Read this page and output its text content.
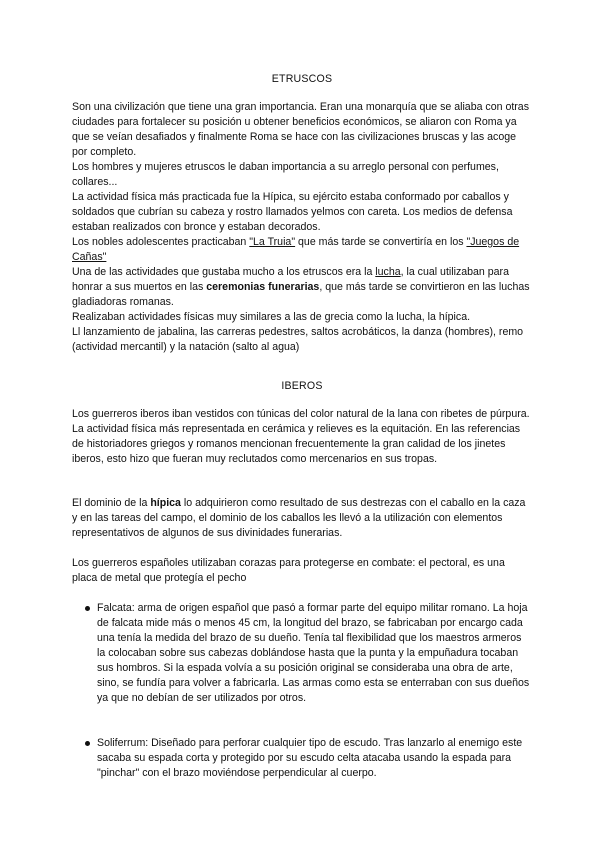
ETRUSCOS

Son una civilización que tiene una gran importancia. Eran una monarquía que se aliaba con otras ciudades para fortalecer su posición u obtener beneficios económicos, se aliaron con Roma ya que se veían desafiados y finalmente Roma se hace con las civilizaciones bruscas y las acoge por completo.

Los hombres y mujeres etruscos le daban importancia a su arreglo personal con perfumes, collares...

La actividad física más practicada fue la Hípica, su ejército estaba conformado por caballos y soldados que cubrían su cabeza y rostro llamados yelmos con careta. Los medios de defensa estaban realizados con bronce y estaban decorados.

Los nobles adolescentes practicaban "La Truia" que más tarde se convertiría en los "Juegos de Cañas"

Una de las actividades que gustaba mucho a los etruscos era la lucha, la cual utilizaban para honrar a sus muertos en las ceremonias funerarias, que más tarde se convirtieron en las luchas gladiadoras romanas.

Realizaban actividades físicas muy similares a las de grecia como la lucha, la hípica.

Ll lanzamiento de jabalina, las carreras pedestres, saltos acrobáticos, la danza (hombres), remo (actividad mercantil) y la natación (salto al agua)

IBEROS

Los guerreros iberos iban vestidos con túnicas del color natural de la lana con ribetes de púrpura.

La actividad física más representada en cerámica y relieves es la equitación. En las referencias de historiadores griegos y romanos mencionan frecuentemente la gran calidad de los jinetes iberos, esto hizo que fueran muy reclutados como mercenarios en sus tropas.

El dominio de la hípica lo adquirieron como resultado de sus destrezas con el caballo en la caza y en las tareas del campo, el dominio de los caballos les llevó a la utilización con elementos representativos de algunos de sus divinidades funerarias.

Los guerreros españoles utilizaban corazas para protegerse en combate: el pectoral, es una placa de metal que protegía el pecho

Falcata: arma de origen español que pasó a formar parte del equipo militar romano. La hoja de falcata mide más o menos 45 cm, la longitud del brazo, se fabricaban por encargo cada una tenía la medida del brazo de su dueño. Tenía tal flexibilidad que los maestros armeros la colocaban sobre sus cabezas doblándose hasta que la punta y la empuñadura tocaban sus hombros. Si la espada volvía a su posición original se consideraba una obra de arte, sino, se fundía para volver a fabricarla. Las armas como esta se enterraban con sus dueños ya que no debían de ser utilizados por otros.
Soliferrum: Diseñado para perforar cualquier tipo de escudo. Tras lanzarlo al enemigo este sacaba su espada corta y protegido por su escudo celta atacaba usando la espada para "pinchar" con el brazo moviéndose perpendicular al cuerpo.
